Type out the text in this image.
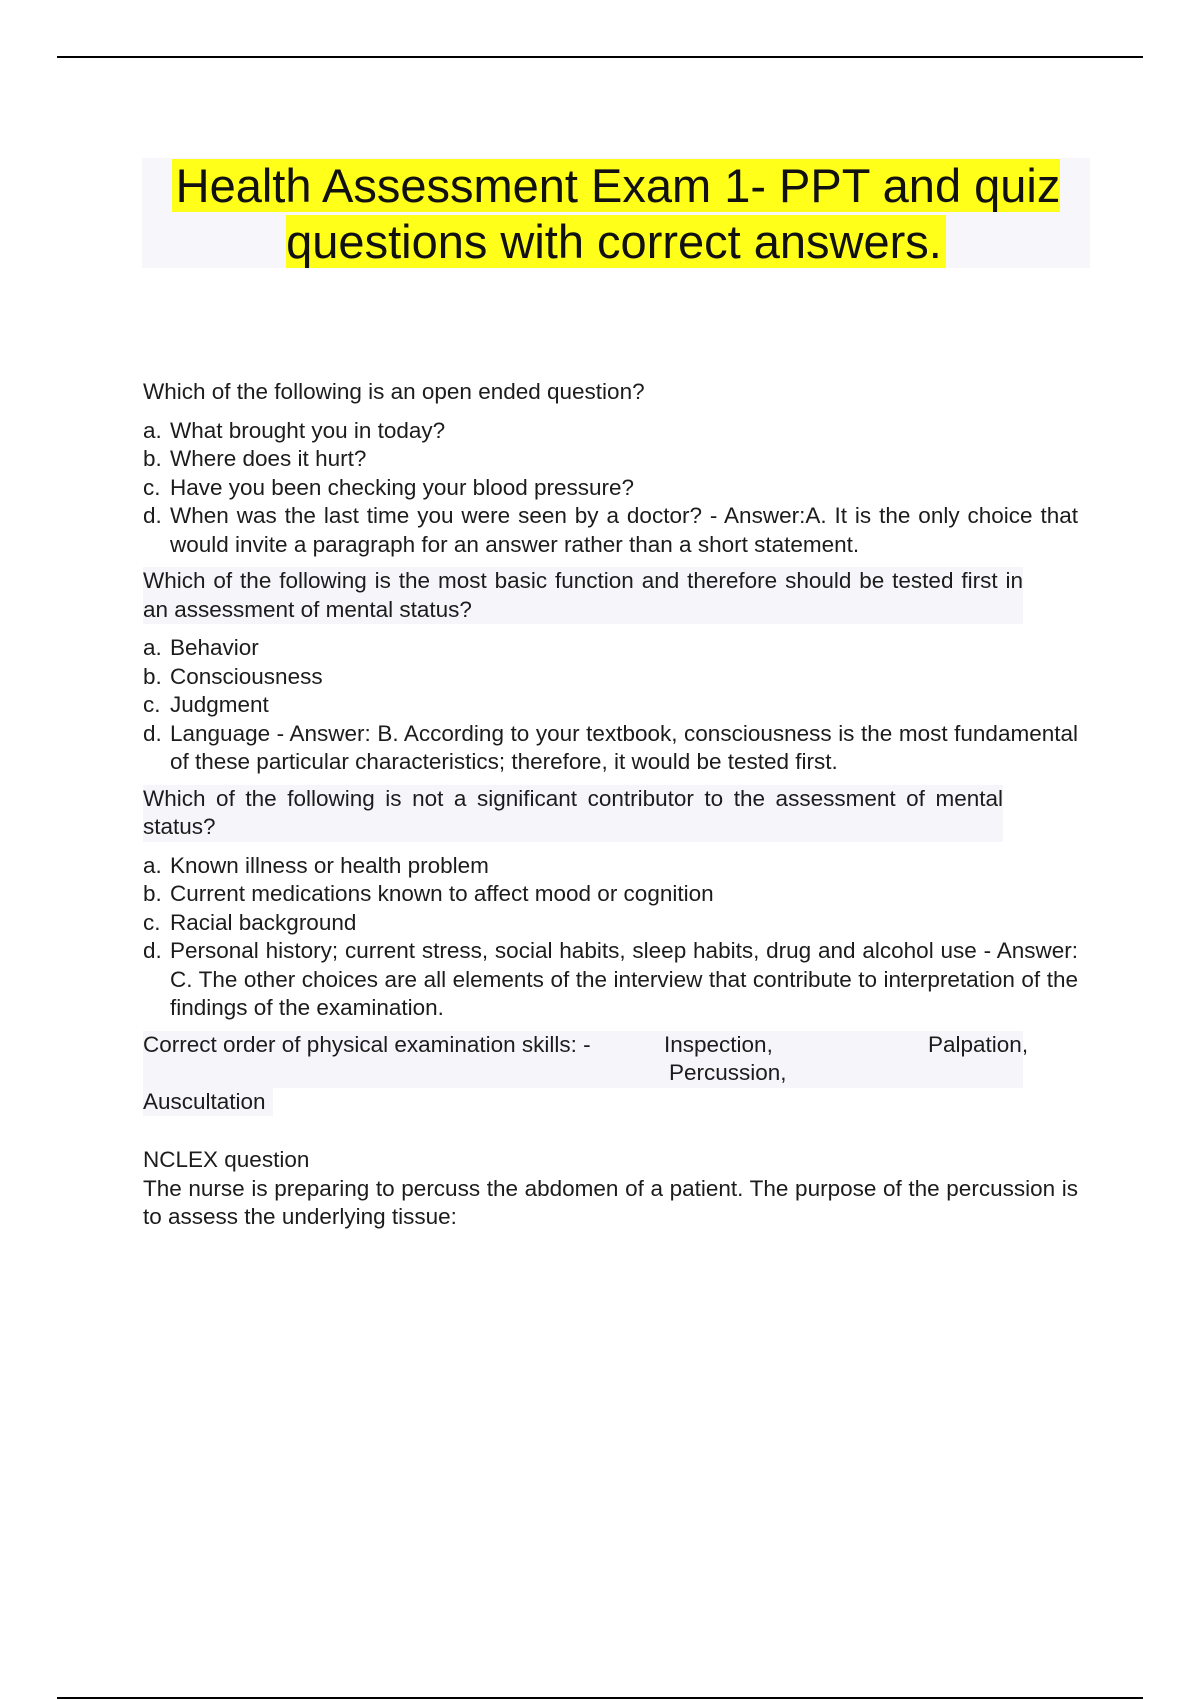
Health Assessment Exam 1- PPT and quiz questions with correct answers.
Which of the following is an open ended question?
a. What brought you in today?
b. Where does it hurt?
c. Have you been checking your blood pressure?
d. When was the last time you were seen by a doctor? - Answer:A. It is the only choice that would invite a paragraph for an answer rather than a short statement.
Which of the following is the most basic function and therefore should be tested first in an assessment of mental status?
a. Behavior
b. Consciousness
c. Judgment
d. Language - Answer: B. According to your textbook, consciousness is the most fundamental of these particular characteristics; therefore, it would be tested first.
Which of the following is not a significant contributor to the assessment of mental status?
a. Known illness or health problem
b. Current medications known to affect mood or cognition
c. Racial background
d. Personal history; current stress, social habits, sleep habits, drug and alcohol use - Answer: C. The other choices are all elements of the interview that contribute to interpretation of the findings of the examination.
Correct order of physical examination skills: -	Inspection,	Palpation,
Percussion,
Auscultation
NCLEX question
The nurse is preparing to percuss the abdomen of a patient. The purpose of the percussion is to assess the underlying tissue:
